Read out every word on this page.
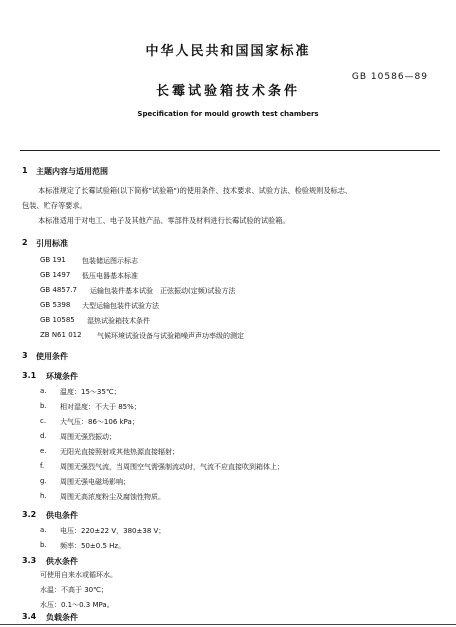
中华人民共和国国家标准
GB 10586—89
长霉试验箱技术条件
Specification for mould growth test chambers
1 主题内容与适用范围
本标准规定了长霉试验箱(以下简称"试验箱")的使用条件、技术要求、试验方法、检验规则及标志、
包装、贮存等要求。
本标准适用于对电工、电子及其他产品、零部件及材料进行长霉试验的试验箱。
2 引用标准
GB 191 包装储运图示标志
GB 1497 低压电器基本标准
GB 4857.7 运输包装件基本试验　正弦振动(定频)试验方法
GB 5398 大型运输包装件试验方法
GB 10585 湿热试验箱技术条件
ZB N61 012 气候环境试验设备与试验箱噪声声功率级的测定
3 使用条件
3.1 环境条件
a. 温度：15～35℃；
b. 相对湿度：不大于 85%；
c. 大气压：86～106 kPa；
d. 周围无强烈振动；
e. 无阳光直接照射或其他热源直接辐射；
f. 周围无强烈气流，当周围空气需强制流动时，气流不应直接吹到箱体上；
g. 周围无强电磁场影响；
h. 周围无高浓度粉尘及腐蚀性物质。
3.2 供电条件
a. 电压：220±22 V，380±38 V；
b. 频率：50±0.5 Hz。
3.3 供水条件
可使用自来水或循环水。
水温：不高于 30℃；
水压：0.1～0.3 MPa。
3.4 负载条件
